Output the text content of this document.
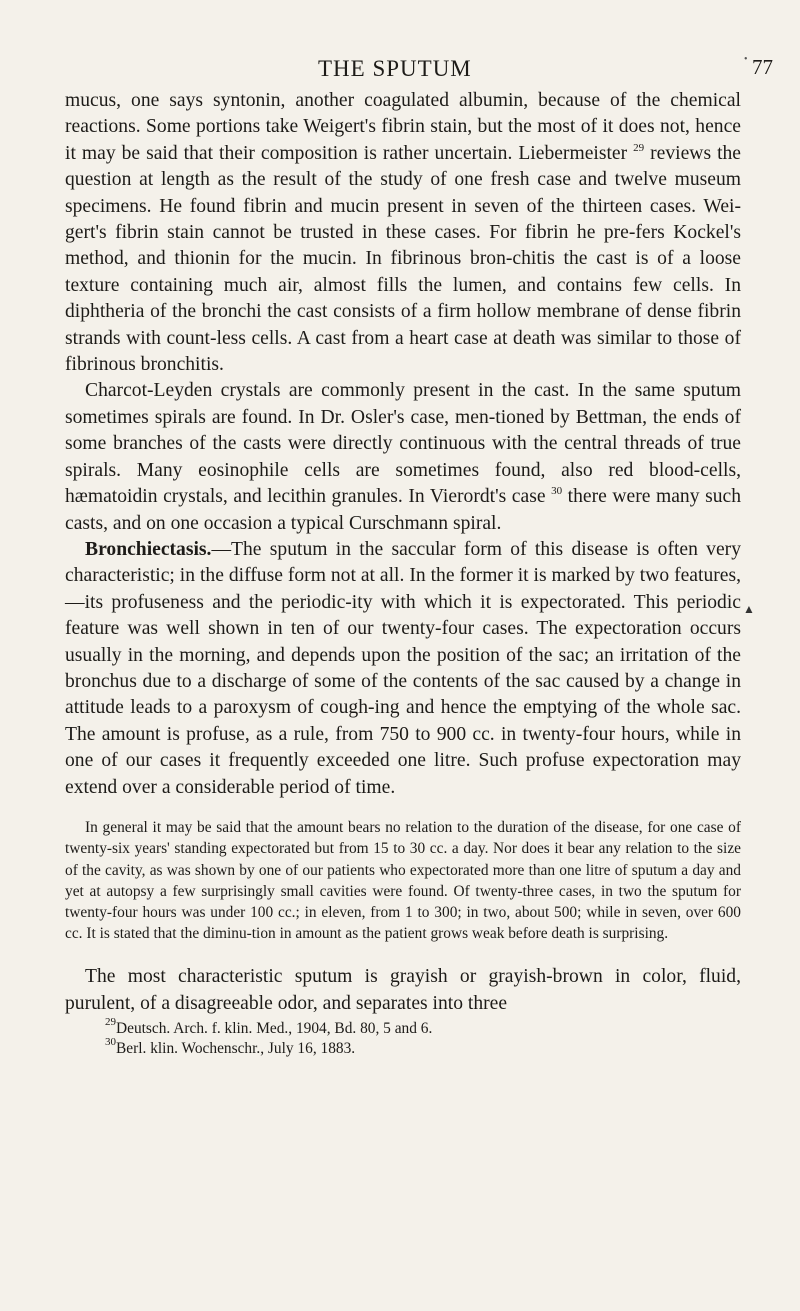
THE SPUTUM	• 77
▲

mucus, one says syntonin, another coagulated albumin, because of the chemical reactions. Some portions take Weigert's fibrin stain, but the most of it does not, hence it may be said that their composition is rather uncertain. Liebermeister $^{29}$ reviews the question at length as the result of the study of one fresh case and twelve museum specimens. He found fibrin and mucin present in seven of the thirteen cases. Wei-gert's fibrin stain cannot be trusted in these cases. For fibrin he pre-fers Kockel's method, and thionin for the mucin. In fibrinous bron-chitis the cast is of a loose texture containing much air, almost fills the lumen, and contains few cells. In diphtheria of the bronchi the cast consists of a firm hollow membrane of dense fibrin strands with count-less cells. A cast from a heart case at death was similar to those of fibrinous bronchitis.

Charcot-Leyden crystals are commonly present in the cast. In the same sputum sometimes spirals are found. In Dr. Osler's case, men-tioned by Bettman, the ends of some branches of the casts were directly continuous with the central threads of true spirals. Many eosinophile cells are sometimes found, also red blood-cells, hæmatoidin crystals, and lecithin granules. In Vierordt's case $^{30}$ there were many such casts, and on one occasion a typical Curschmann spiral.

Bronchiectasis.—The sputum in the saccular form of this disease is often very characteristic; in the diffuse form not at all. In the former it is marked by two features,—its profuseness and the periodic-ity with which it is expectorated. This periodic feature was well shown in ten of our twenty-four cases. The expectoration occurs usually in the morning, and depends upon the position of the sac; an irritation of the bronchus due to a discharge of some of the contents of the sac caused by a change in attitude leads to a paroxysm of cough-ing and hence the emptying of the whole sac. The amount is profuse, as a rule, from 750 to 900 cc. in twenty-four hours, while in one of our cases it frequently exceeded one litre. Such profuse expectoration may extend over a considerable period of time.

In general it may be said that the amount bears no relation to the duration of the disease, for one case of twenty-six years' standing expectorated but from 15 to 30 cc. a day. Nor does it bear any relation to the size of the cavity, as was shown by one of our patients who expectorated more than one litre of sputum a day and yet at autopsy a few surprisingly small cavities were found. Of twenty-three cases, in two the sputum for twenty-four hours was under 100 cc.; in eleven, from 1 to 300; in two, about 500; while in seven, over 600 cc. It is stated that the diminu-tion in amount as the patient grows weak before death is surprising.

The most characteristic sputum is grayish or grayish-brown in color, fluid, purulent, of a disagreeable odor, and separates into three

$^{29}$Deutsch. Arch. f. klin. Med., 1904, Bd. 80, 5 and 6.
$^{30}$Berl. klin. Wochenschr., July 16, 1883.
